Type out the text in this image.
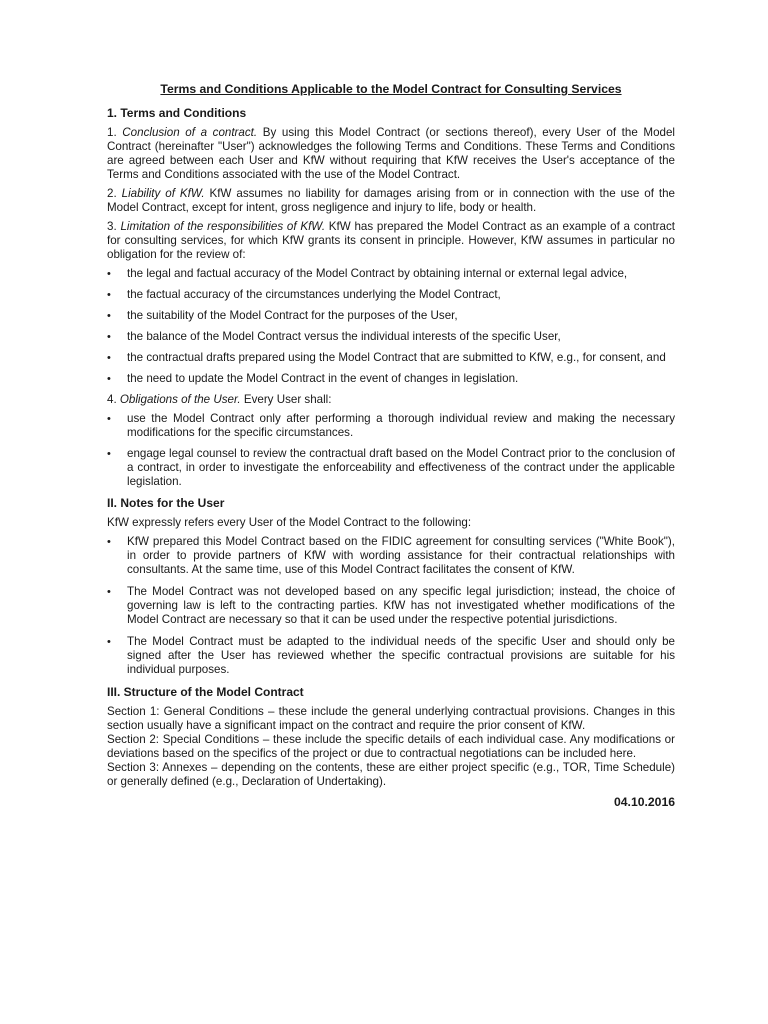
Terms and Conditions Applicable to the Model Contract for Consulting Services

1. Terms and Conditions

1. Conclusion of a contract. By using this Model Contract (or sections thereof), every User of the Model Contract (hereinafter "User") acknowledges the following Terms and Conditions. These Terms and Conditions are agreed between each User and KfW without requiring that KfW receives the User's acceptance of the Terms and Conditions associated with the use of the Model Contract.

2. Liability of KfW. KfW assumes no liability for damages arising from or in connection with the use of the Model Contract, except for intent, gross negligence and injury to life, body or health.

3. Limitation of the responsibilities of KfW. KfW has prepared the Model Contract as an example of a contract for consulting services, for which KfW grants its consent in principle. However, KfW assumes in particular no obligation for the review of:

•	the legal and factual accuracy of the Model Contract by obtaining internal or external legal advice,
•	the factual accuracy of the circumstances underlying the Model Contract,
•	the suitability of the Model Contract for the purposes of the User,
•	the balance of the Model Contract versus the individual interests of the specific User,
•	the contractual drafts prepared using the Model Contract that are submitted to KfW, e.g., for consent, and
•	the need to update the Model Contract in the event of changes in legislation.

4. Obligations of the User. Every User shall:

•	use the Model Contract only after performing a thorough individual review and making the necessary modifications for the specific circumstances.
•	engage legal counsel to review the contractual draft based on the Model Contract prior to the conclusion of a contract, in order to investigate the enforceability and effectiveness of the contract under the applicable legislation.

II. Notes for the User

KfW expressly refers every User of the Model Contract to the following:

•	KfW prepared this Model Contract based on the FIDIC agreement for consulting services ("White Book"), in order to provide partners of KfW with wording assistance for their contractual relationships with consultants. At the same time, use of this Model Contract facilitates the consent of KfW.
•	The Model Contract was not developed based on any specific legal jurisdiction; instead, the choice of governing law is left to the contracting parties. KfW has not investigated whether modifications of the Model Contract are necessary so that it can be used under the respective potential jurisdictions.
•	The Model Contract must be adapted to the individual needs of the specific User and should only be signed after the User has reviewed whether the specific contractual provisions are suitable for his individual purposes.

III. Structure of the Model Contract

Section 1: General Conditions – these include the general underlying contractual provisions. Changes in this section usually have a significant impact on the contract and require the prior consent of KfW.

Section 2: Special Conditions – these include the specific details of each individual case. Any modifications or deviations based on the specifics of the project or due to contractual negotiations can be included here.

Section 3: Annexes – depending on the contents, these are either project specific (e.g., TOR, Time Schedule) or generally defined (e.g., Declaration of Undertaking).

04.10.2016
